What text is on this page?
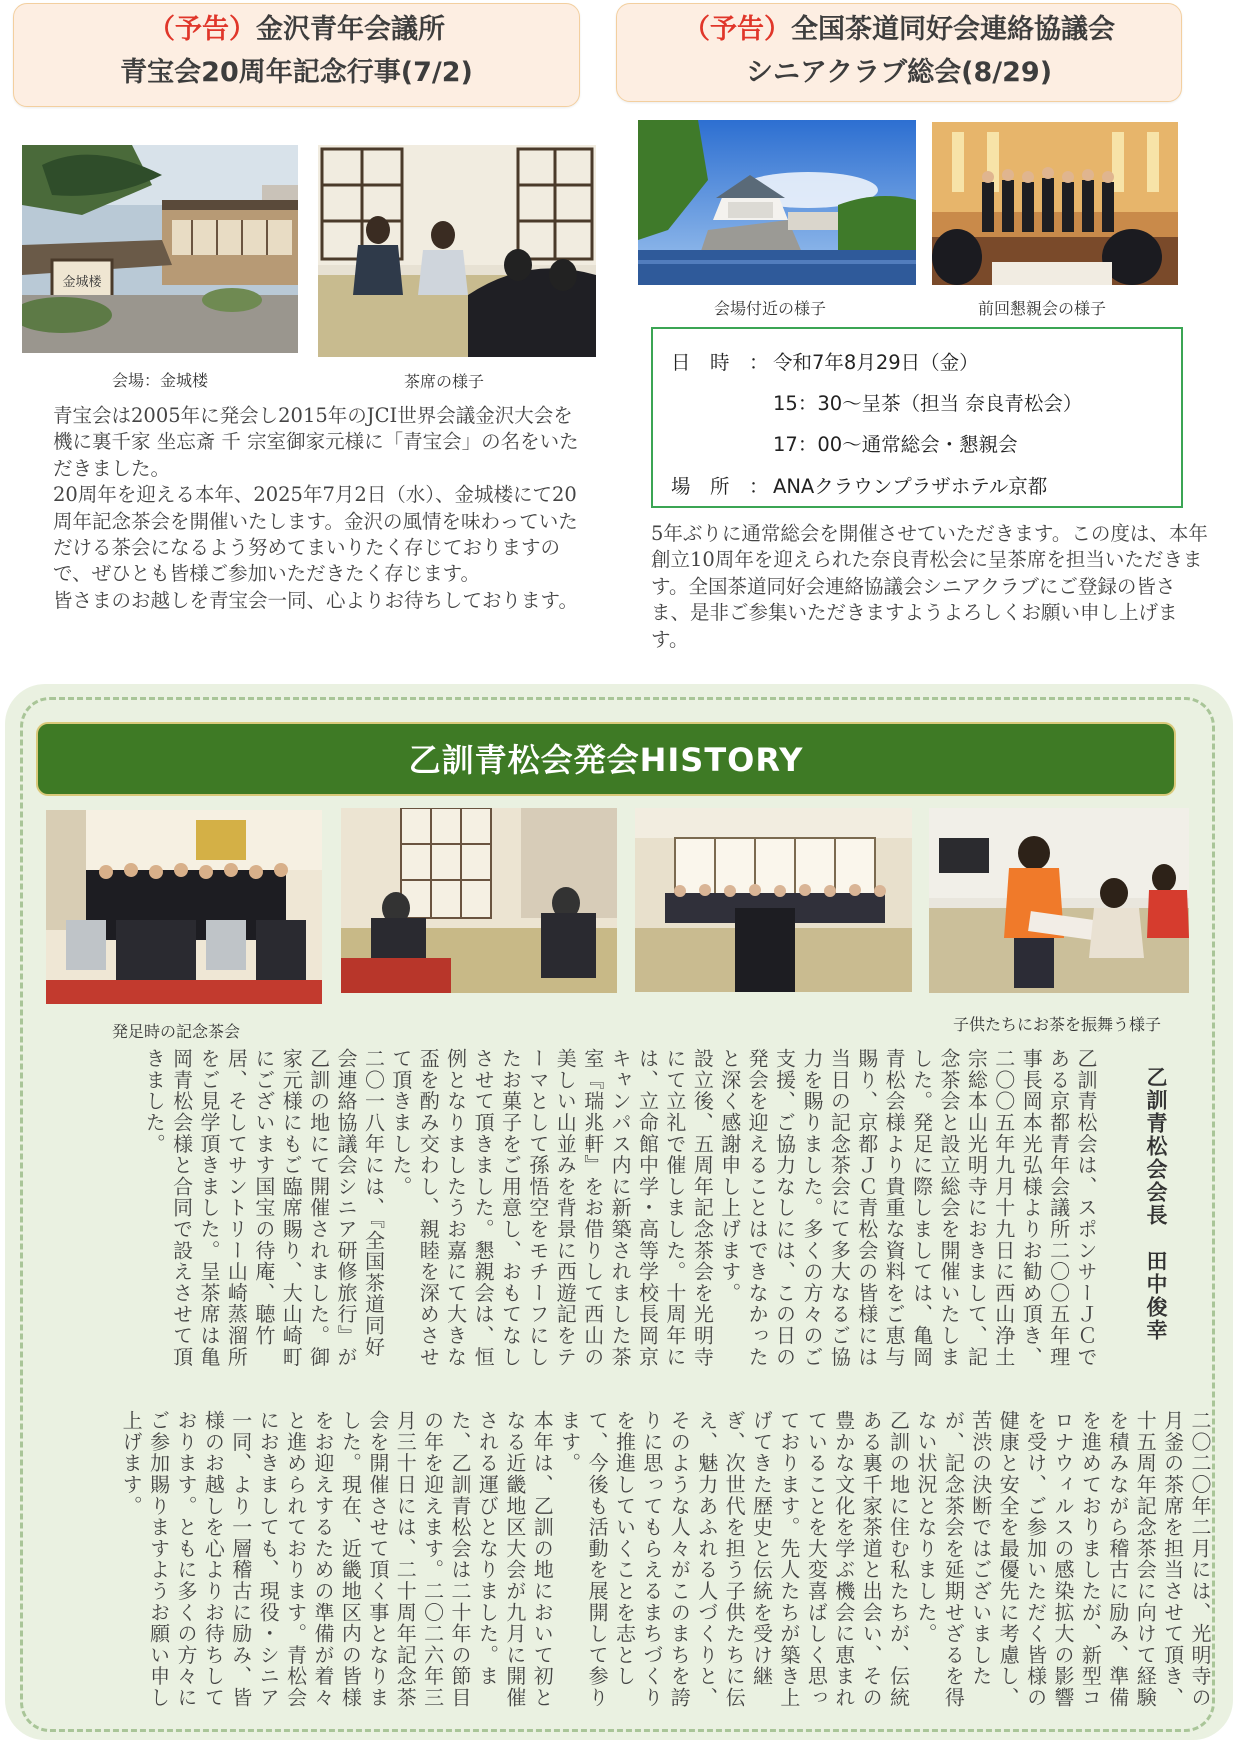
（予告）金沢青年会議所
青宝会20周年記念行事(7/2)
金城楼
会場：金城楼	茶席の様子

青宝会は2005年に発会し2015年のJCI世界会議金沢大会を機に裏千家 坐忘斎 千 宗室御家元様に「青宝会」の名をいただきました。

20周年を迎える本年、2025年7月2日（水）、金城楼にて20周年記念茶会を開催いたします。金沢の風情を味わっていただける茶会になるよう努めてまいりたく存じておりますので、ぜひとも皆様ご参加いただきたく存じます。

皆さまのお越しを青宝会一同、心よりお待ちしております。

（予告）全国茶道同好会連絡協議会
シニアクラブ総会(8/29)
会場付近の様子	前回懇親会の様子
日　時　： 令和7年8月29日（金）
15：30〜呈茶（担当 奈良青松会）
17：00〜通常総会・懇親会
場　所　： ANAクラウンプラザホテル京都
5年ぶりに通常総会を開催させていただきます。この度は、本年創立10周年を迎えられた奈良青松会に呈茶席を担当いただきます。全国茶道同好会連絡協議会シニアクラブにご登録の皆さま、是非ご参集いただきますようよろしくお願い申し上げます。
乙訓青松会発会HISTORY
発足時の記念茶会	子供たちにお茶を振舞う様子
乙訓青松会会長　田中俊幸

乙訓青松会は、スポンサーＪＣである京都青年会議所二〇〇五年理事長岡本光弘様よりお勧め頂き、二〇〇五年九月十九日に西山浄土宗総本山光明寺におきまして、記念茶会と設立総会を開催いたしました。発足に際しましては、亀岡青松会様より貴重な資料をご恵与賜り、京都ＪＣ青松会の皆様には当日の記念茶会にて多大なるご協力を賜りました。多くの方々のご支援、ご協力なしには、この日の発会を迎えることはできなかったと深く感謝申し上げます。

設立後、五周年記念茶会を光明寺にて立礼で催しました。十周年には、立命館中学・高等学校長岡京キャンパス内に新築されました茶室『瑞兆軒』をお借りして西山の美しい山並みを背景に西遊記をテーマとして孫悟空をモチーフにしたお菓子をご用意し、おもてなしさせて頂きました。懇親会は、恒例となりましたうお嘉にて大きな盃を酌み交わし、親睦を深めさせて頂きました。

二〇一八年には、『全国茶道同好会連絡協議会シニア研修旅行』が乙訓の地にて開催されました。御家元様にもご臨席賜り、大山崎町にございます国宝の待庵、聴竹居、そしてサントリー山崎蒸溜所をご見学頂きました。呈茶席は亀岡青松会様と合同で設えさせて頂きました。

二〇二〇年二月には、光明寺の月釜の茶席を担当させて頂き、十五周年記念茶会に向けて経験を積みながら稽古に励み、準備を進めておりましたが、新型コロナウィルスの感染拡大の影響を受け、ご参加いただく皆様の健康と安全を最優先に考慮し、苦渋の決断ではございましたが、記念茶会を延期せざるを得ない状況となりました。

乙訓の地に住む私たちが、伝統ある裏千家茶道と出会い、その豊かな文化を学ぶ機会に恵まれていることを大変喜ばしく思っております。先人たちが築き上げてきた歴史と伝統を受け継ぎ、次世代を担う子供たちに伝え、魅力あふれる人づくりと、そのような人々がこのまちを誇りに思ってもらえるまちづくりを推進していくことを志として、今後も活動を展開して参ります。

本年は、乙訓の地において初となる近畿地区大会が九月に開催される運びとなりました。また、乙訓青松会は二十年の節目の年を迎えます。二〇二六年三月三十日には、二十周年記念茶会を開催させて頂く事となりました。現在、近畿地区内の皆様をお迎えするための準備が着々と進められております。青松会におきましても、現役・シニア一同、より一層稽古に励み、皆様のお越しを心よりお待ちしております。ともに多くの方々にご参加賜りますようお願い申し上げます。
